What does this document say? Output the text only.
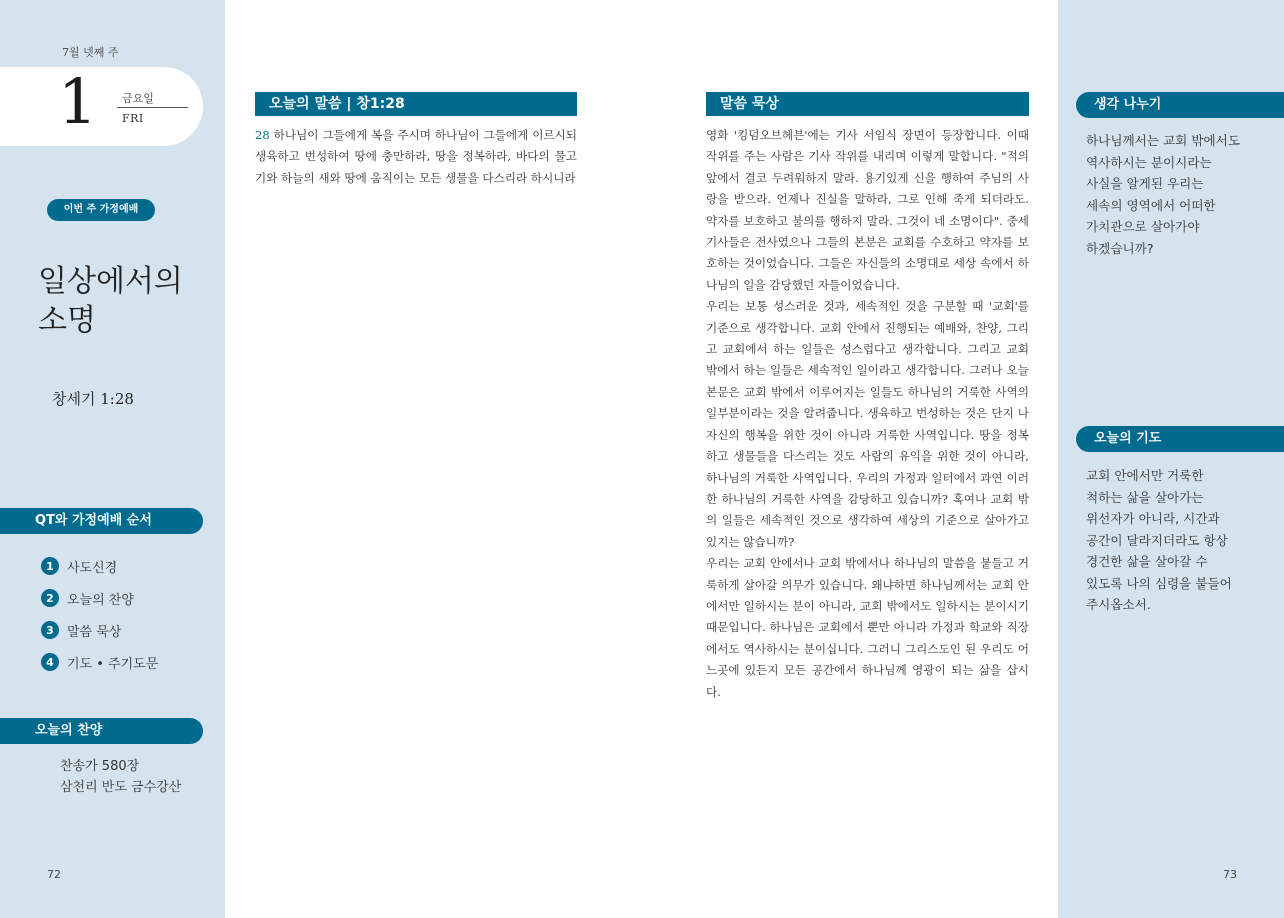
7월 넷째 주
1 금요일
FRI
이번 주 가정예배
일상에서의
소명
창세기 1:28
QT와 가정예배 순서
1	사도신경
2	오늘의 찬양
3	말씀 묵상
4	기도 • 주기도문
오늘의 찬양
찬송가 580장
삼천리 반도 금수강산
72
오늘의 말씀 | 창1:28
28 하나님이 그들에게 복을 주시며 하나님이 그들에게 이르시되 생육하고 번성하여 땅에 충만하라, 땅을 정복하라, 바다의 물고기와 하늘의 새와 땅에 움직이는 모든 생물을 다스리라 하시니라
말씀 묵상

영화 '킹덤오브헤븐'에는 기사 서임식 장면이 등장합니다. 이때 작위를 주는 사람은 기사 작위를 내리며 이렇게 말합니다. "적의 앞에서 결코 두려워하지 말라. 용기있게 신을 행하여 주님의 사랑을 받으라. 언제나 진실을 말하라, 그로 인해 죽게 되더라도. 약자를 보호하고 불의를 행하지 말라. 그것이 네 소명이다". 중세 기사들은 전사였으나 그들의 본분은 교회를 수호하고 약자를 보호하는 것이었습니다. 그들은 자신들의 소명대로 세상 속에서 하나님의 일을 감당했던 자들이었습니다.

우리는 보통 성스러운 것과, 세속적인 것을 구분할 때 '교회'를 기준으로 생각합니다. 교회 안에서 진행되는 예배와, 찬양, 그리고 교회에서 하는 일들은 성스럽다고 생각합니다. 그리고 교회 밖에서 하는 일들은 세속적인 일이라고 생각합니다. 그러나 오늘 본문은 교회 밖에서 이루어지는 일들도 하나님의 거룩한 사역의 일부분이라는 것을 알려줍니다. 생육하고 번성하는 것은 단지 나 자신의 행복을 위한 것이 아니라 거룩한 사역입니다. 땅을 정복하고 생물들을 다스리는 것도 사람의 유익을 위한 것이 아니라, 하나님의 거룩한 사역입니다. 우리의 가정과 일터에서 과연 이러한 하나님의 거룩한 사역을 감당하고 있습니까? 혹여나 교회 밖의 일들은 세속적인 것으로 생각하여 세상의 기준으로 살아가고 있지는 않습니까?

우리는 교회 안에서나 교회 밖에서나 하나님의 말씀을 붙들고 거룩하게 살아갈 의무가 있습니다. 왜냐하면 하나님께서는 교회 안에서만 일하시는 분이 아니라, 교회 밖에서도 일하시는 분이시기 때문입니다. 하나님은 교회에서 뿐만 아니라 가정과 학교와 직장에서도 역사하시는 분이십니다. 그러니 그리스도인 된 우리도 어느곳에 있든지 모든 공간에서 하나님께 영광이 되는 삶을 삽시다.

생각 나누기
하나님께서는 교회 밖에서도
역사하시는 분이시라는
사실을 알게된 우리는
세속의 영역에서 어떠한
가치관으로 살아가야
하겠습니까?
오늘의 기도
교회 안에서만 거룩한
척하는 삶을 살아가는
위선자가 아니라, 시간과
공간이 달라지더라도 항상
경건한 삶을 살아갈 수
있도록 나의 심령을 붙들어
주시옵소서.
73
